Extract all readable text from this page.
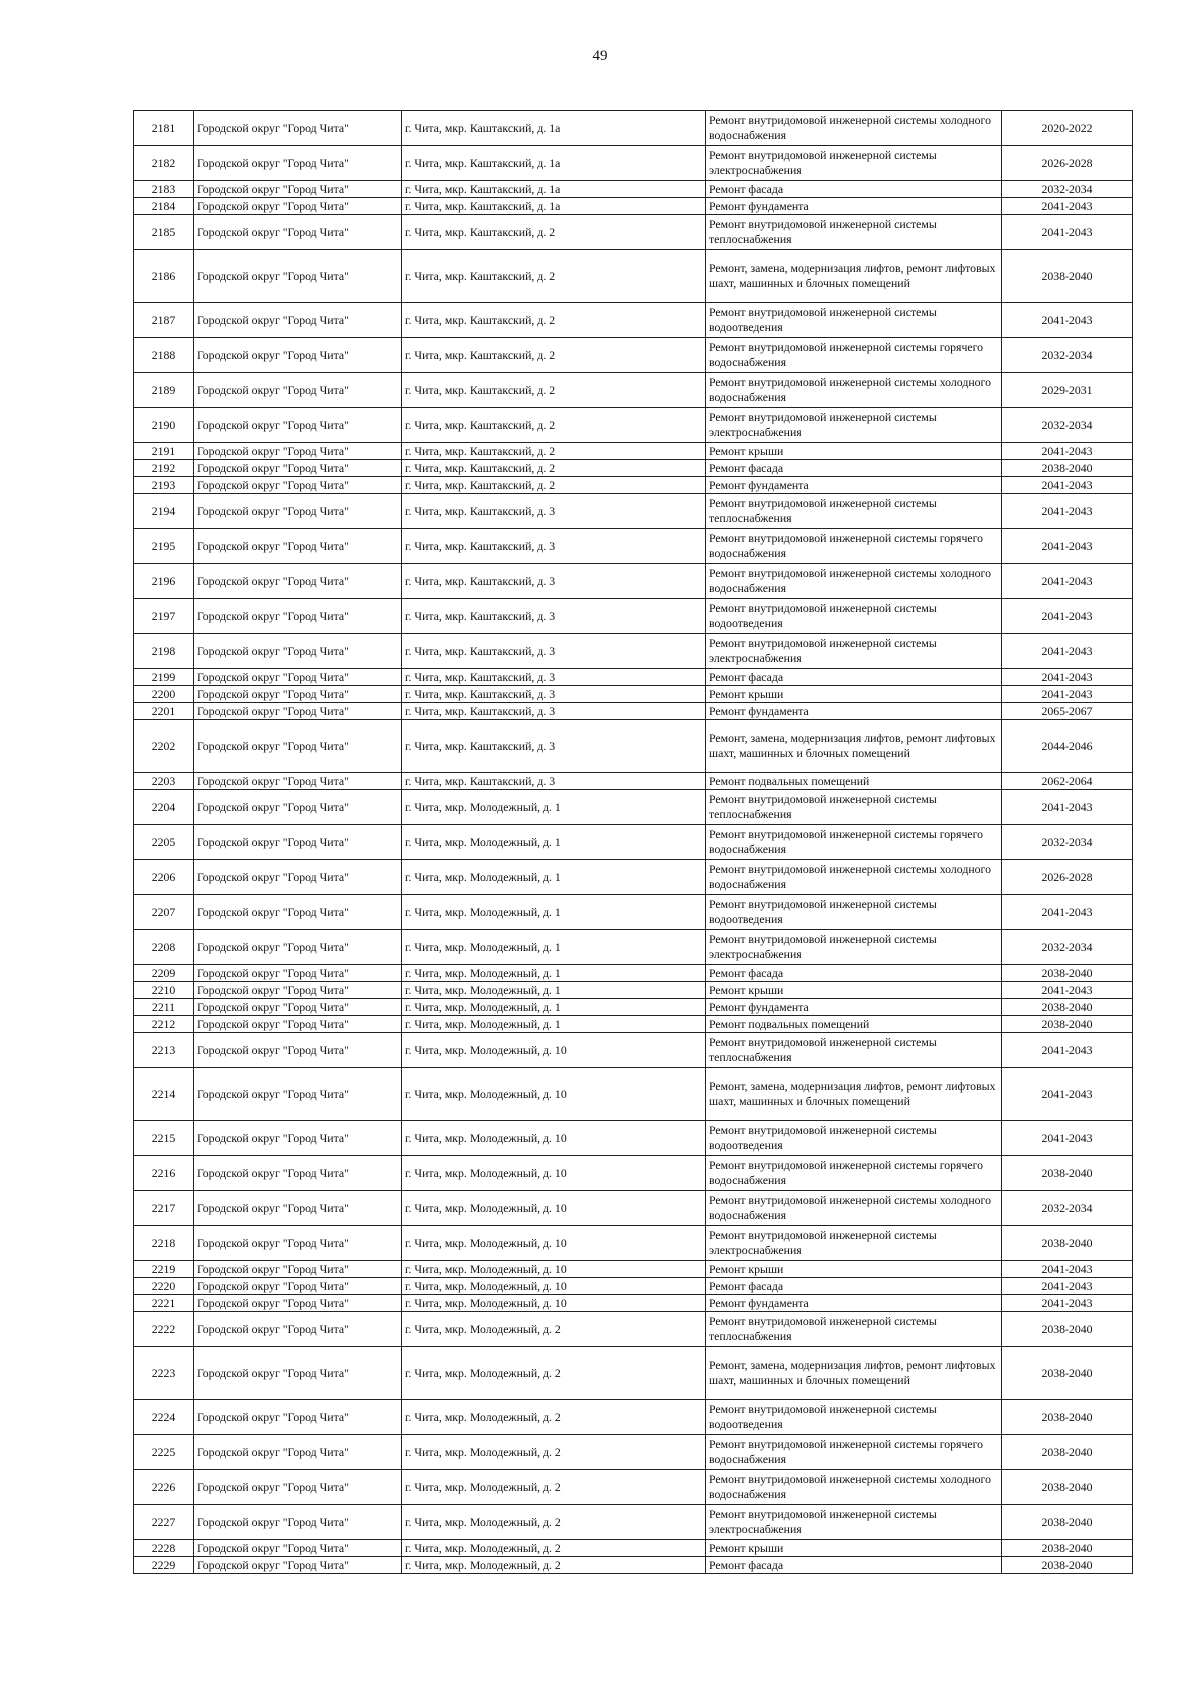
49
2181	Городской округ "Город Чита"	г. Чита, мкр. Каштакский, д. 1а	Ремонт внутридомовой инженерной системы холодного водоснабжения	2020-2022
2182	Городской округ "Город Чита"	г. Чита, мкр. Каштакский, д. 1а	Ремонт внутридомовой инженерной системы электроснабжения	2026-2028
2183	Городской округ "Город Чита"	г. Чита, мкр. Каштакский, д. 1а	Ремонт фасада	2032-2034
2184	Городской округ "Город Чита"	г. Чита, мкр. Каштакский, д. 1а	Ремонт фундамента	2041-2043
2185	Городской округ "Город Чита"	г. Чита, мкр. Каштакский, д. 2	Ремонт внутридомовой инженерной системы теплоснабжения	2041-2043
2186	Городской округ "Город Чита"	г. Чита, мкр. Каштакский, д. 2	Ремонт, замена, модернизация лифтов, ремонт лифтовых шахт, машинных и блочных помещений	2038-2040
2187	Городской округ "Город Чита"	г. Чита, мкр. Каштакский, д. 2	Ремонт внутридомовой инженерной системы водоотведения	2041-2043
2188	Городской округ "Город Чита"	г. Чита, мкр. Каштакский, д. 2	Ремонт внутридомовой инженерной системы горячего водоснабжения	2032-2034
2189	Городской округ "Город Чита"	г. Чита, мкр. Каштакский, д. 2	Ремонт внутридомовой инженерной системы холодного водоснабжения	2029-2031
2190	Городской округ "Город Чита"	г. Чита, мкр. Каштакский, д. 2	Ремонт внутридомовой инженерной системы электроснабжения	2032-2034
2191	Городской округ "Город Чита"	г. Чита, мкр. Каштакский, д. 2	Ремонт крыши	2041-2043
2192	Городской округ "Город Чита"	г. Чита, мкр. Каштакский, д. 2	Ремонт фасада	2038-2040
2193	Городской округ "Город Чита"	г. Чита, мкр. Каштакский, д. 2	Ремонт фундамента	2041-2043
2194	Городской округ "Город Чита"	г. Чита, мкр. Каштакский, д. 3	Ремонт внутридомовой инженерной системы теплоснабжения	2041-2043
2195	Городской округ "Город Чита"	г. Чита, мкр. Каштакский, д. 3	Ремонт внутридомовой инженерной системы горячего водоснабжения	2041-2043
2196	Городской округ "Город Чита"	г. Чита, мкр. Каштакский, д. 3	Ремонт внутридомовой инженерной системы холодного водоснабжения	2041-2043
2197	Городской округ "Город Чита"	г. Чита, мкр. Каштакский, д. 3	Ремонт внутридомовой инженерной системы водоотведения	2041-2043
2198	Городской округ "Город Чита"	г. Чита, мкр. Каштакский, д. 3	Ремонт внутридомовой инженерной системы электроснабжения	2041-2043
2199	Городской округ "Город Чита"	г. Чита, мкр. Каштакский, д. 3	Ремонт фасада	2041-2043
2200	Городской округ "Город Чита"	г. Чита, мкр. Каштакский, д. 3	Ремонт крыши	2041-2043
2201	Городской округ "Город Чита"	г. Чита, мкр. Каштакский, д. 3	Ремонт фундамента	2065-2067
2202	Городской округ "Город Чита"	г. Чита, мкр. Каштакский, д. 3	Ремонт, замена, модернизация лифтов, ремонт лифтовых шахт, машинных и блочных помещений	2044-2046
2203	Городской округ "Город Чита"	г. Чита, мкр. Каштакский, д. 3	Ремонт подвальных помещений	2062-2064
2204	Городской округ "Город Чита"	г. Чита, мкр. Молодежный, д. 1	Ремонт внутридомовой инженерной системы теплоснабжения	2041-2043
2205	Городской округ "Город Чита"	г. Чита, мкр. Молодежный, д. 1	Ремонт внутридомовой инженерной системы горячего водоснабжения	2032-2034
2206	Городской округ "Город Чита"	г. Чита, мкр. Молодежный, д. 1	Ремонт внутридомовой инженерной системы холодного водоснабжения	2026-2028
2207	Городской округ "Город Чита"	г. Чита, мкр. Молодежный, д. 1	Ремонт внутридомовой инженерной системы водоотведения	2041-2043
2208	Городской округ "Город Чита"	г. Чита, мкр. Молодежный, д. 1	Ремонт внутридомовой инженерной системы электроснабжения	2032-2034
2209	Городской округ "Город Чита"	г. Чита, мкр. Молодежный, д. 1	Ремонт фасада	2038-2040
2210	Городской округ "Город Чита"	г. Чита, мкр. Молодежный, д. 1	Ремонт крыши	2041-2043
2211	Городской округ "Город Чита"	г. Чита, мкр. Молодежный, д. 1	Ремонт фундамента	2038-2040
2212	Городской округ "Город Чита"	г. Чита, мкр. Молодежный, д. 1	Ремонт подвальных помещений	2038-2040
2213	Городской округ "Город Чита"	г. Чита, мкр. Молодежный, д. 10	Ремонт внутридомовой инженерной системы теплоснабжения	2041-2043
2214	Городской округ "Город Чита"	г. Чита, мкр. Молодежный, д. 10	Ремонт, замена, модернизация лифтов, ремонт лифтовых шахт, машинных и блочных помещений	2041-2043
2215	Городской округ "Город Чита"	г. Чита, мкр. Молодежный, д. 10	Ремонт внутридомовой инженерной системы водоотведения	2041-2043
2216	Городской округ "Город Чита"	г. Чита, мкр. Молодежный, д. 10	Ремонт внутридомовой инженерной системы горячего водоснабжения	2038-2040
2217	Городской округ "Город Чита"	г. Чита, мкр. Молодежный, д. 10	Ремонт внутридомовой инженерной системы холодного водоснабжения	2032-2034
2218	Городской округ "Город Чита"	г. Чита, мкр. Молодежный, д. 10	Ремонт внутридомовой инженерной системы электроснабжения	2038-2040
2219	Городской округ "Город Чита"	г. Чита, мкр. Молодежный, д. 10	Ремонт крыши	2041-2043
2220	Городской округ "Город Чита"	г. Чита, мкр. Молодежный, д. 10	Ремонт фасада	2041-2043
2221	Городской округ "Город Чита"	г. Чита, мкр. Молодежный, д. 10	Ремонт фундамента	2041-2043
2222	Городской округ "Город Чита"	г. Чита, мкр. Молодежный, д. 2	Ремонт внутридомовой инженерной системы теплоснабжения	2038-2040
2223	Городской округ "Город Чита"	г. Чита, мкр. Молодежный, д. 2	Ремонт, замена, модернизация лифтов, ремонт лифтовых шахт, машинных и блочных помещений	2038-2040
2224	Городской округ "Город Чита"	г. Чита, мкр. Молодежный, д. 2	Ремонт внутридомовой инженерной системы водоотведения	2038-2040
2225	Городской округ "Город Чита"	г. Чита, мкр. Молодежный, д. 2	Ремонт внутридомовой инженерной системы горячего водоснабжения	2038-2040
2226	Городской округ "Город Чита"	г. Чита, мкр. Молодежный, д. 2	Ремонт внутридомовой инженерной системы холодного водоснабжения	2038-2040
2227	Городской округ "Город Чита"	г. Чита, мкр. Молодежный, д. 2	Ремонт внутридомовой инженерной системы электроснабжения	2038-2040
2228	Городской округ "Город Чита"	г. Чита, мкр. Молодежный, д. 2	Ремонт крыши	2038-2040
2229	Городской округ "Город Чита"	г. Чита, мкр. Молодежный, д. 2	Ремонт фасада	2038-2040
